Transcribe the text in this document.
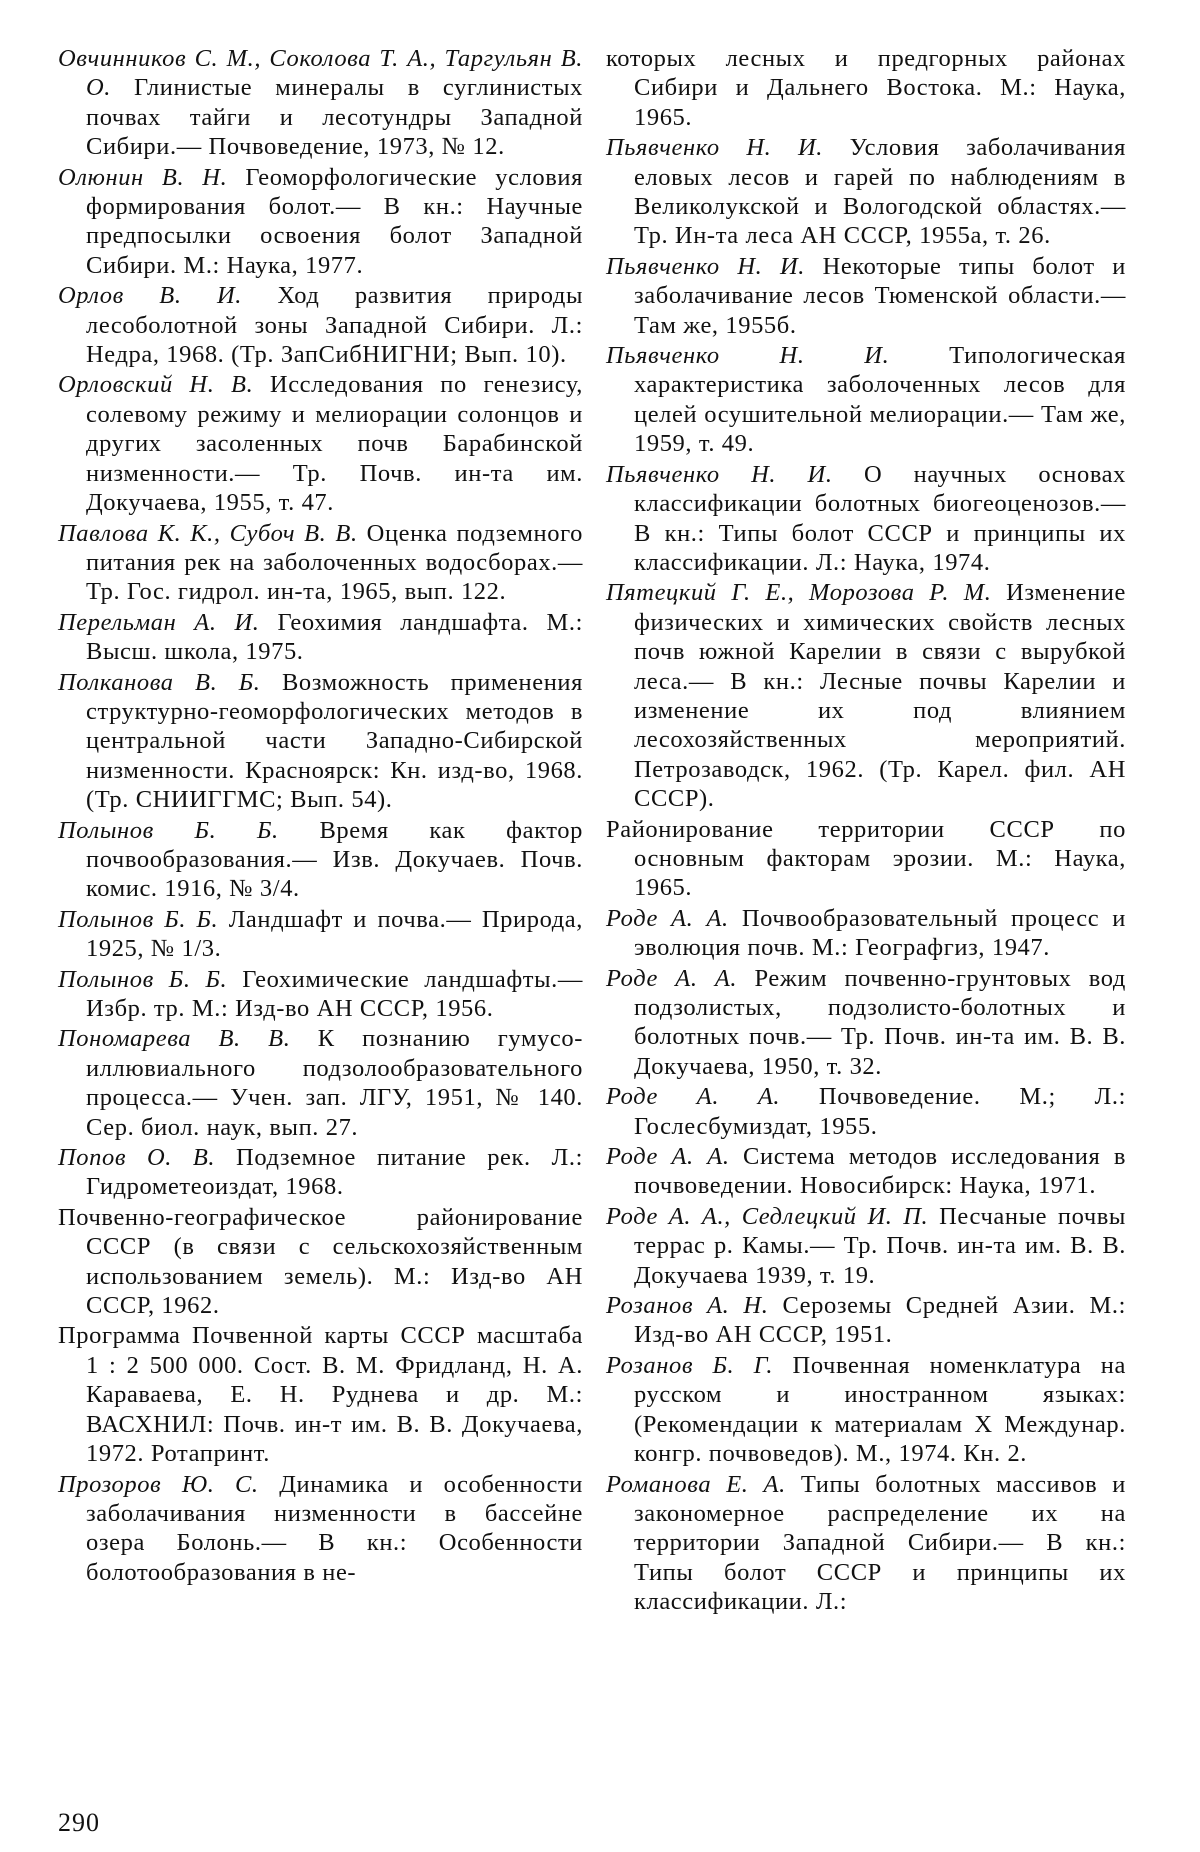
Овчинников С. М., Соколова Т. А., Таргульян В. О. Глинистые минералы в суглинистых почвах тайги и лесотундры Западной Сибири.— Почвоведение, 1973, № 12.

Олюнин В. Н. Геоморфологические условия формирования болот.— В кн.: Научные предпосылки освоения болот Западной Сибири. М.: Наука, 1977.

Орлов В. И. Ход развития природы лесоболотной зоны Западной Сибири. Л.: Недра, 1968. (Тр. ЗапСибНИГНИ; Вып. 10).

Орловский Н. В. Исследования по генезису, солевому режиму и мелиорации солонцов и других засоленных почв Барабинской низменности.— Тр. Почв. ин-та им. Докучаева, 1955, т. 47.

Павлова К. К., Субоч В. В. Оценка подземного питания рек на заболоченных водосборах.— Тр. Гос. гидрол. ин-та, 1965, вып. 122.

Перельман А. И. Геохимия ландшафта. М.: Высш. школа, 1975.

Полканова В. Б. Возможность применения структурно-геоморфологических методов в центральной части Западно-Сибирской низменности. Красноярск: Кн. изд-во, 1968. (Тр. СНИИГГМС; Вып. 54).

Полынов Б. Б. Время как фактор почвообразования.— Изв. Докучаев. Почв. комис. 1916, № 3/4.

Полынов Б. Б. Ландшафт и почва.— Природа, 1925, № 1/3.

Полынов Б. Б. Геохимические ландшафты.— Избр. тр. М.: Изд-во АН СССР, 1956.

Пономарева В. В. К познанию гумусо-иллювиального подзолообразовательного процесса.— Учен. зап. ЛГУ, 1951, № 140. Сер. биол. наук, вып. 27.

Попов О. В. Подземное питание рек. Л.: Гидрометеоиздат, 1968.

Почвенно-географическое районирование СССР (в связи с сельскохозяйственным использованием земель). М.: Изд-во АН СССР, 1962.

Программа Почвенной карты СССР масштаба 1 : 2 500 000. Сост. В. М. Фридланд, Н. А. Караваева, Е. Н. Руднева и др. М.: ВАСХНИЛ: Почв. ин-т им. В. В. Докучаева, 1972. Ротапринт.

Прозоров Ю. С. Динамика и особенности заболачивания низменности в бассейне озера Болонь.— В кн.: Особенности болотообразования в не-

которых лесных и предгорных районах Сибири и Дальнего Востока. М.: Наука, 1965.

Пьявченко Н. И. Условия заболачивания еловых лесов и гарей по наблюдениям в Великолукской и Вологодской областях.— Тр. Ин-та леса АН СССР, 1955а, т. 26.

Пьявченко Н. И. Некоторые типы болот и заболачивание лесов Тюменской области.— Там же, 1955б.

Пьявченко Н. И. Типологическая характеристика заболоченных лесов для целей осушительной мелиорации.— Там же, 1959, т. 49.

Пьявченко Н. И. О научных основах классификации болотных биогеоценозов.— В кн.: Типы болот СССР и принципы их классификации. Л.: Наука, 1974.

Пятецкий Г. Е., Морозова Р. М. Изменение физических и химических свойств лесных почв южной Карелии в связи с вырубкой леса.— В кн.: Лесные почвы Карелии и изменение их под влиянием лесохозяйственных мероприятий. Петрозаводск, 1962. (Тр. Карел. фил. АН СССР).

Районирование территории СССР по основным факторам эрозии. М.: Наука, 1965.

Роде А. А. Почвообразовательный процесс и эволюция почв. М.: Географгиз, 1947.

Роде А. А. Режим почвенно-грунтовых вод подзолистых, подзолисто-болотных и болотных почв.— Тр. Почв. ин-та им. В. В. Докучаева, 1950, т. 32.

Роде А. А. Почвоведение. М.; Л.: Гослесбумиздат, 1955.

Роде А. А. Система методов исследования в почвоведении. Новосибирск: Наука, 1971.

Роде А. А., Седлецкий И. П. Песчаные почвы террас р. Камы.— Тр. Почв. ин-та им. В. В. Докучаева 1939, т. 19.

Розанов А. Н. Сероземы Средней Азии. М.: Изд-во АН СССР, 1951.

Розанов Б. Г. Почвенная номенклатура на русском и иностранном языках: (Рекомендации к материалам X Междунар. конгр. почвоведов). М., 1974. Кн. 2.

Романова Е. А. Типы болотных массивов и закономерное распределение их на территории Западной Сибири.— В кн.: Типы болот СССР и принципы их классификации. Л.:

290
